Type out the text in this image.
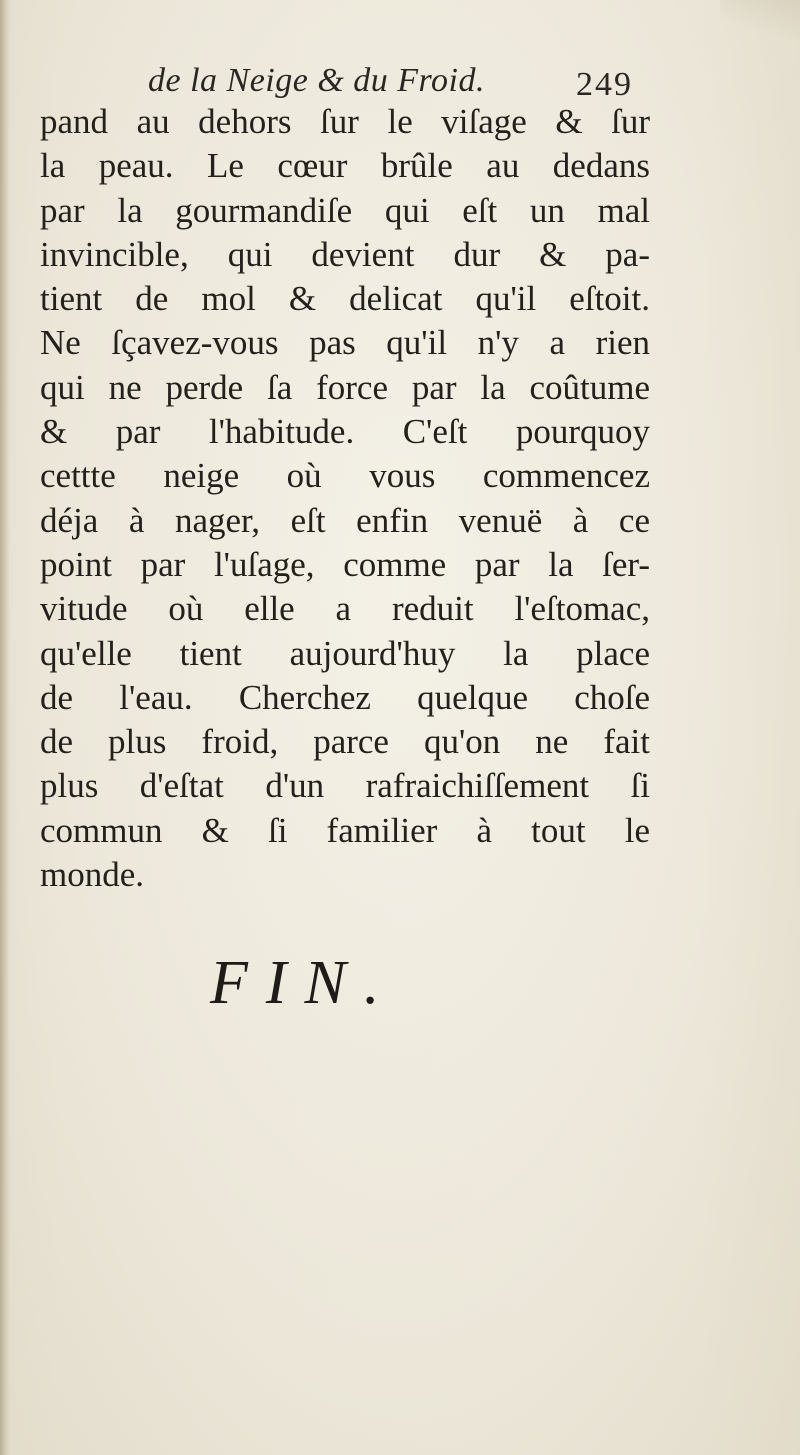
de la Neige & du Froid.	249
pand au dehors ſur le viſage & ſur
la peau. Le cœur brûle au dedans
par la gourmandiſe qui eſt un mal
invincible, qui devient dur & pa-
tient de mol & delicat qu'il eſtoit.
Ne ſçavez-vous pas qu'il n'y a rien
qui ne perde ſa force par la coûtume
& par l'habitude. C'eſt pourquoy
cettte neige où vous commencez
déja à nager, eſt enfin venuë à ce
point par l'uſage, comme par la ſer-
vitude où elle a reduit l'eſtomac,
qu'elle tient aujourd'huy la place
de l'eau. Cherchez quelque choſe
de plus froid, parce qu'on ne fait
plus d'eſtat d'un rafraichiſſement ſi
commun & ſi familier à tout le
monde.
FIN.
